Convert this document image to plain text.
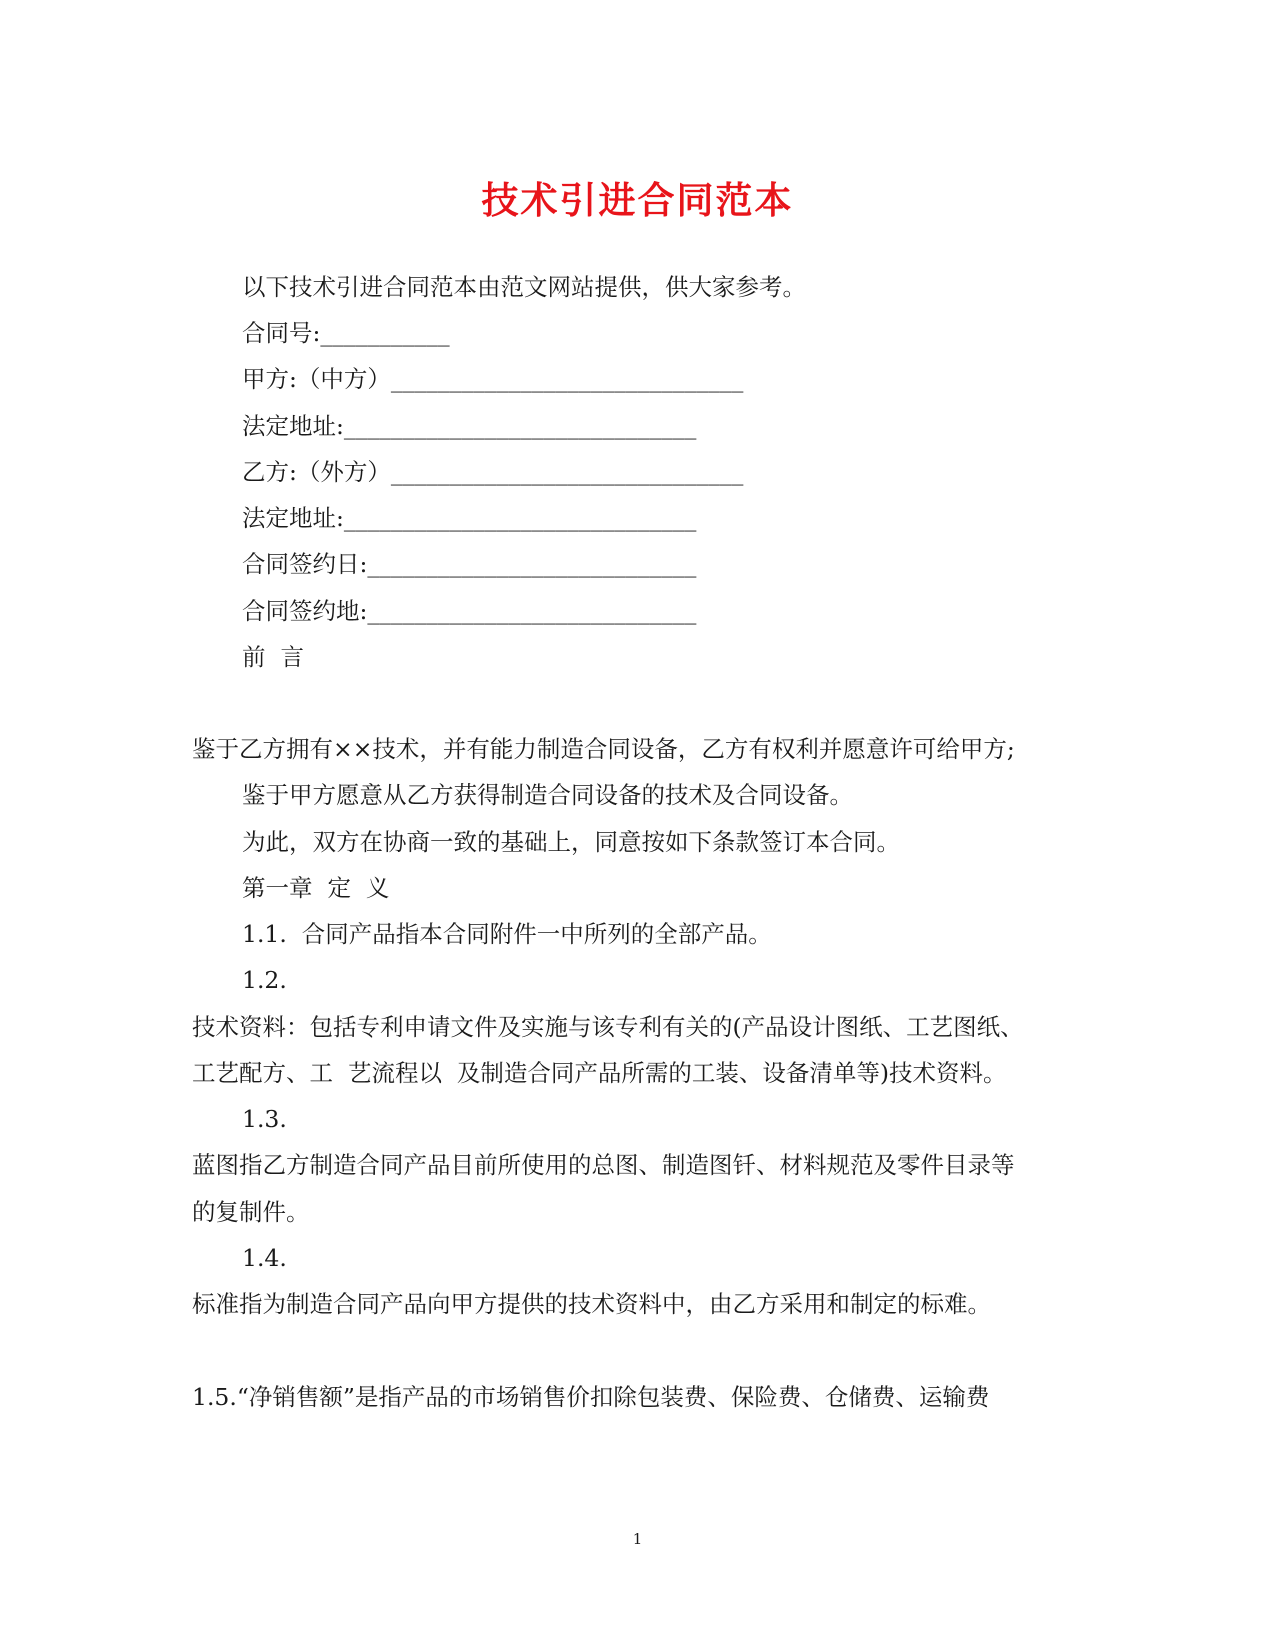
技术引进合同范本
以下技术引进合同范本由范文网站提供，供大家参考。
合同号:___________
甲方:（中方）______________________________
法定地址:______________________________
乙方:（外方）______________________________
法定地址:______________________________
合同签约日:____________________________
合同签约地:____________________________
前  言
鉴于乙方拥有××技术，并有能力制造合同设备，乙方有权利并愿意许可给甲方;
鉴于甲方愿意从乙方获得制造合同设备的技术及合同设备。
为此，双方在协商一致的基础上，同意按如下条款签订本合同。
第一章  定  义
1.1.  合同产品指本合同附件一中所列的全部产品。
1.2.
技术资料：包括专利申请文件及实施与该专利有关的(产品设计图纸、工艺图纸、
工艺配方、工  艺流程以  及制造合同产品所需的工装、设备清单等)技术资料。
1.3.
蓝图指乙方制造合同产品目前所使用的总图、制造图钎、材料规范及零件目录等
的复制件。
1.4.
标准指为制造合同产品向甲方提供的技术资料中，由乙方采用和制定的标难。
1.5.“净销售额”是指产品的市场销售价扣除包装费、保险费、仓储费、运输费
1
